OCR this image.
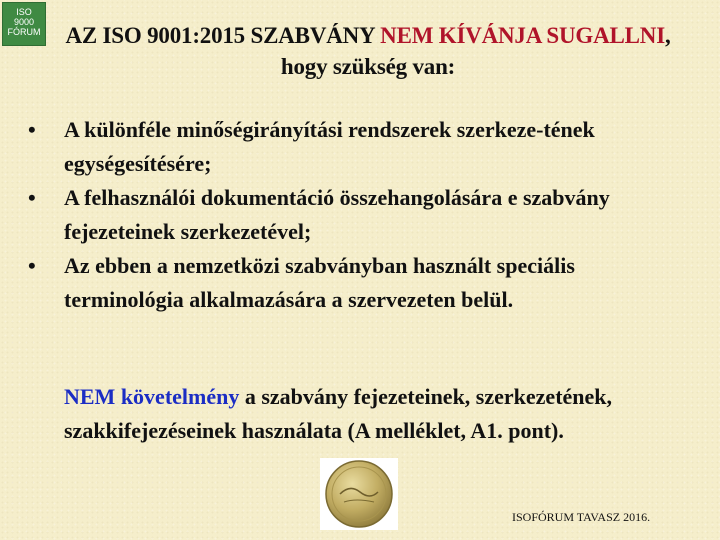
ISO
9000
FÓRUM	AZ ISO 9001:2015 SZABVÁNY NEM KÍVÁNJA SUGALLNI, hogy szükség van:
• A különféle minőségirányítási rendszerek szerkeze-tének egységesítésére;
• A felhasználói dokumentáció összehangolására e szabvány fejezeteinek szerkezetével;
• Az ebben a nemzetközi szabványban használt speciális terminológia alkalmazására a szervezeten belül.
NEM követelmény a szabvány fejezeteinek, szerkezetének, szakkifejezéseinek használata (A melléklet, A1. pont).
ISOFÓRUM TAVASZ 2016.
